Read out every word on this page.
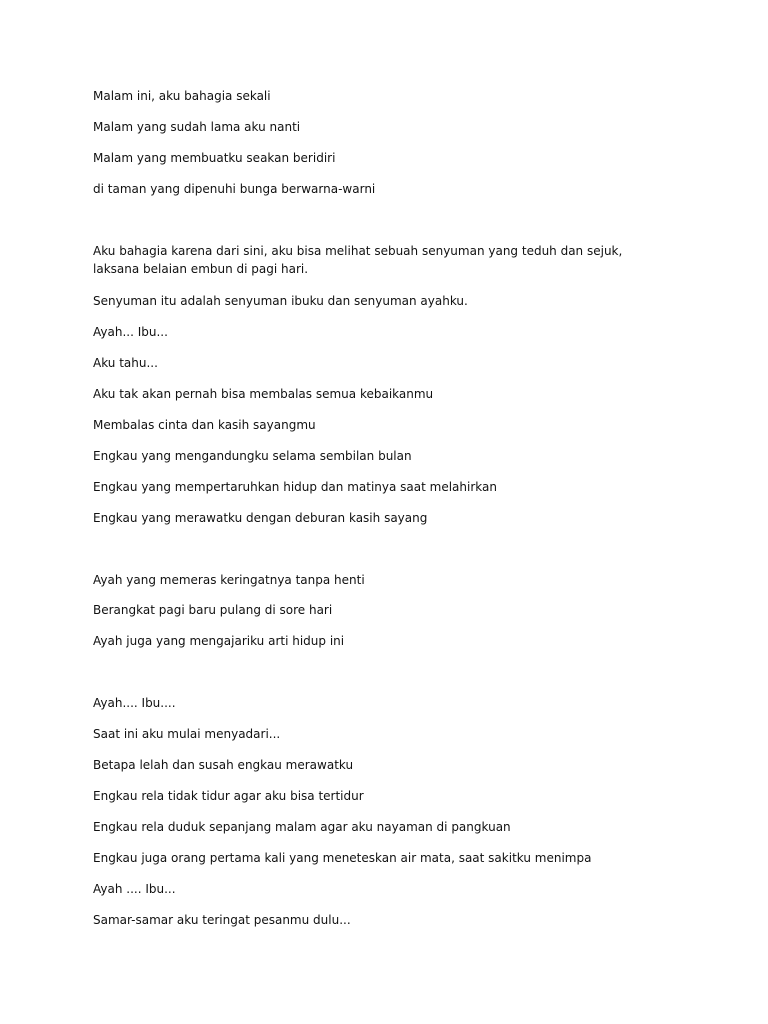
Malam ini, aku bahagia sekali
Malam yang sudah lama aku nanti
Malam yang membuatku seakan beridiri
di taman yang dipenuhi bunga berwarna-warni
Aku bahagia karena dari sini, aku bisa melihat sebuah senyuman yang teduh dan sejuk, laksana belaian embun di pagi hari.
Senyuman itu adalah senyuman ibuku dan senyuman ayahku.
Ayah... Ibu...
Aku tahu...
Aku tak akan pernah bisa membalas semua kebaikanmu
Membalas cinta dan kasih sayangmu
Engkau yang mengandungku selama sembilan bulan
Engkau yang mempertaruhkan hidup dan matinya saat melahirkan
Engkau yang merawatku dengan deburan kasih sayang
Ayah yang memeras keringatnya tanpa henti
Berangkat pagi baru pulang di sore hari
Ayah juga yang mengajariku arti hidup ini
Ayah.... Ibu....
Saat ini aku mulai menyadari...
Betapa lelah dan susah engkau merawatku
Engkau rela tidak tidur agar aku bisa tertidur
Engkau rela duduk sepanjang malam agar aku nayaman di pangkuan
Engkau juga orang pertama kali yang meneteskan air mata, saat sakitku menimpa
Ayah .... Ibu...
Samar-samar aku teringat pesanmu dulu...
